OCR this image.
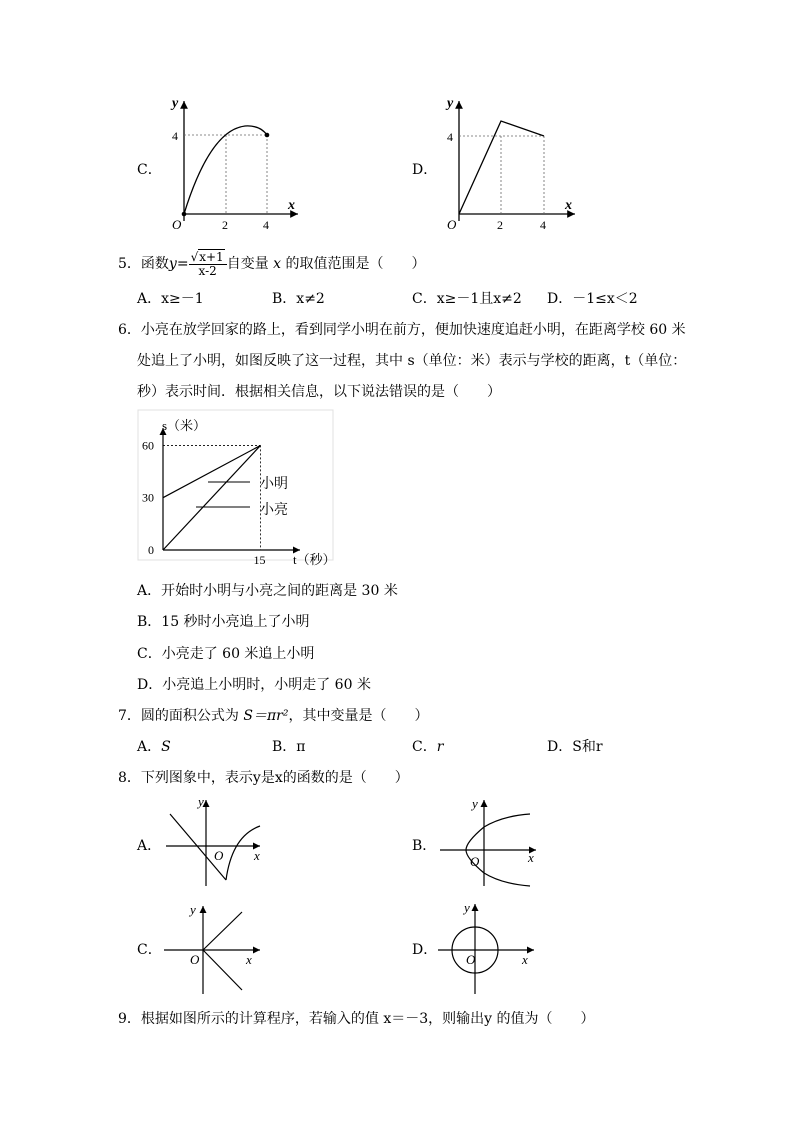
C．
y
x
O
4
2	4
D．
y
x
O
4
2	4
5．函数$y= \frac{√x+1}{x-2}$ 自变量 x 的取值范围是（　　）
A．x≥－1	B．x≠2	C．x≥－1且x≠2 D．－1≤x＜2
6．小亮在放学回家的路上，看到同学小明在前方，便加快速度追赶小明，在距离学校 60 米
处追上了小明，如图反映了这一过程，其中 s（单位：米）表示与学校的距离，t（单位：
秒）表示时间．根据相关信息，以下说法错误的是（　　）
小明
小亮
s（米）
t（秒）
60
30
0
15
A．开始时小明与小亮之间的距离是 30 米
B．15 秒时小亮追上了小明
C．小亮走了 60 米追上小明
D．小亮追上小明时，小明走了 60 米
7．圆的面积公式为 S＝πr²，其中变量是（　　）
A．S	B．π	C．r	D．S和r
8．下列图象中，表示y是x的函数的是（　　）
A．
y
x
O
B．
y
x
O
C．
y
x
O
D．
y
x
O
9．根据如图所示的计算程序，若输入的值 x＝－3，则输出y 的值为（　　）
